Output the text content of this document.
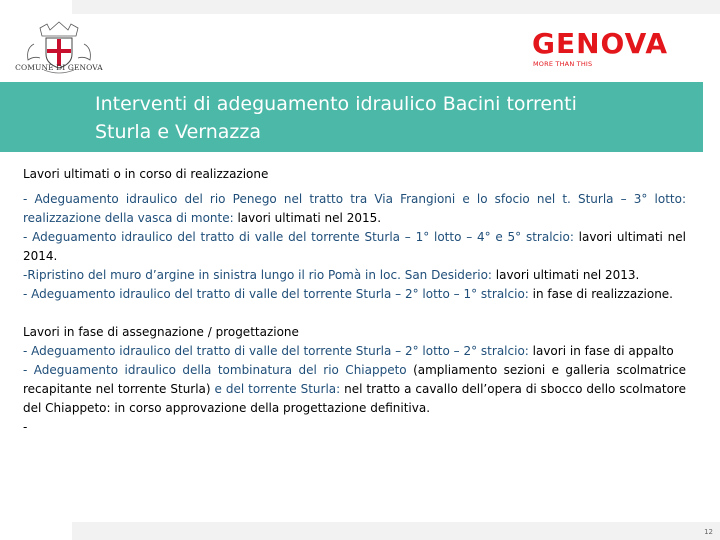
COMUNE DI GENOVA
GENOVA
MORE THAN THIS
Interventi di adeguamento idraulico Bacini torrenti
Sturla e Vernazza

Lavori ultimati o in corso di realizzazione

- Adeguamento idraulico del rio Penego nel tratto tra Via Frangioni e lo sfocio nel t. Sturla – 3° lotto: realizzazione della vasca di monte: lavori ultimati nel 2015.

- Adeguamento idraulico del tratto di valle del torrente Sturla – 1° lotto – 4° e 5° stralcio: lavori ultimati nel 2014.

-Ripristino del muro d’argine in sinistra lungo il rio Pomà in loc. San Desiderio: lavori ultimati nel 2013.

- Adeguamento idraulico del tratto di valle del torrente Sturla – 2° lotto – 1° stralcio: in fase di realizzazione.

Lavori in fase di assegnazione / progettazione

- Adeguamento idraulico del tratto di valle del torrente Sturla – 2° lotto – 2° stralcio: lavori in fase di appalto

- Adeguamento idraulico della tombinatura del rio Chiappeto (ampliamento sezioni e galleria scolmatrice recapitante nel torrente Sturla) e del torrente Sturla: nel tratto a cavallo dell’opera di sbocco dello scolmatore del Chiappeto: in corso approvazione della progettazione definitiva.

-

12
